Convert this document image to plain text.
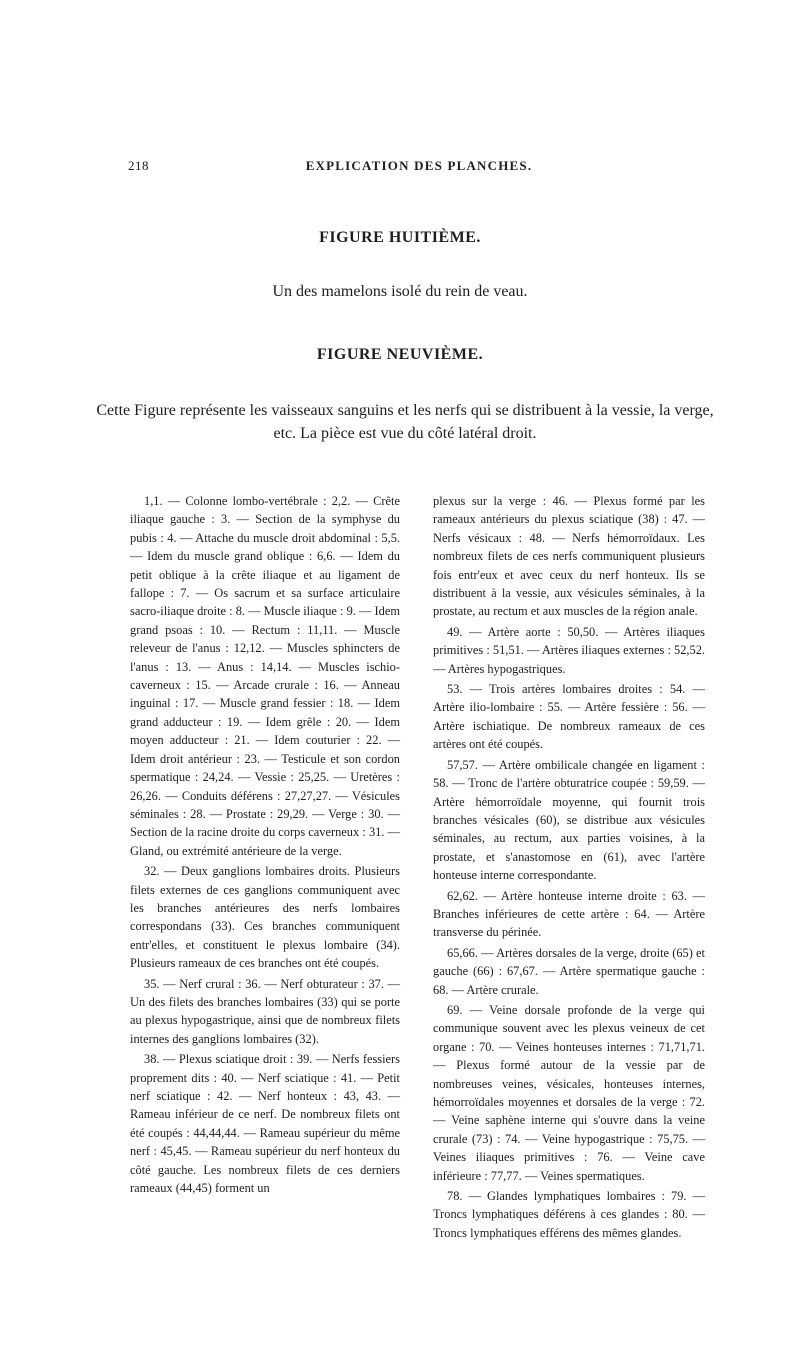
218	EXPLICATION DES PLANCHES.
FIGURE HUITIÈME.
Un des mamelons isolé du rein de veau.
FIGURE NEUVIÈME.
Cette Figure représente les vaisseaux sanguins et les nerfs qui se distribuent à la vessie, la verge, etc. La pièce est vue du côté latéral droit.

1,1. — Colonne lombo-vertébrale : 2,2. — Crête iliaque gauche : 3. — Section de la symphyse du pubis : 4. — Attache du muscle droit abdominal : 5,5. — Idem du muscle grand oblique : 6,6. — Idem du petit oblique à la crête iliaque et au ligament de fallope : 7. — Os sacrum et sa surface articulaire sacro-iliaque droite : 8. — Muscle iliaque : 9. — Idem grand psoas : 10. — Rectum : 11,11. — Muscle releveur de l'anus : 12,12. — Muscles sphincters de l'anus : 13. — Anus : 14,14. — Muscles ischio-caverneux : 15. — Arcade crurale : 16. — Anneau inguinal : 17. — Muscle grand fessier : 18. — Idem grand adducteur : 19. — Idem grêle : 20. — Idem moyen adducteur : 21. — Idem couturier : 22. — Idem droit antérieur : 23. — Testicule et son cordon spermatique : 24,24. — Vessie : 25,25. — Uretères : 26,26. — Conduits déférens : 27,27,27. — Vésicules séminales : 28. — Prostate : 29,29. — Verge : 30. — Section de la racine droite du corps caverneux : 31. — Gland, ou extrémité antérieure de la verge.

32. — Deux ganglions lombaires droits. Plusieurs filets externes de ces ganglions communiquent avec les branches antérieures des nerfs lombaires correspondans (33). Ces branches communiquent entr'elles, et constituent le plexus lombaire (34). Plusieurs rameaux de ces branches ont été coupés.

35. — Nerf crural : 36. — Nerf obturateur : 37. — Un des filets des branches lombaires (33) qui se porte au plexus hypogastrique, ainsi que de nombreux filets internes des ganglions lombaires (32).

38. — Plexus sciatique droit : 39. — Nerfs fessiers proprement dits : 40. — Nerf sciatique : 41. — Petit nerf sciatique : 42. — Nerf honteux : 43, 43. — Rameau inférieur de ce nerf. De nombreux filets ont été coupés : 44,44,44. — Rameau supérieur du même nerf : 45,45. — Rameau supérieur du nerf honteux du côté gauche. Les nombreux filets de ces derniers rameaux (44,45) forment un

plexus sur la verge : 46. — Plexus formé par les rameaux antérieurs du plexus sciatique (38) : 47. — Nerfs vésicaux : 48. — Nerfs hémorroïdaux. Les nombreux filets de ces nerfs communiquent plusieurs fois entr'eux et avec ceux du nerf honteux. Ils se distribuent à la vessie, aux vésicules séminales, à la prostate, au rectum et aux muscles de la région anale.

49. — Artère aorte : 50,50. — Artères iliaques primitives : 51,51. — Artères iliaques externes : 52,52. — Artères hypogastriques.

53. — Trois artères lombaires droites : 54. — Artère ilio-lombaire : 55. — Artère fessière : 56. — Artère ischiatique. De nombreux rameaux de ces artères ont été coupés.

57,57. — Artère ombilicale changée en ligament : 58. — Tronc de l'artère obturatrice coupée : 59,59. — Artère hémorroïdale moyenne, qui fournit trois branches vésicales (60), se distribue aux vésicules séminales, au rectum, aux parties voisines, à la prostate, et s'anastomose en (61), avec l'artère honteuse interne correspondante.

62,62. — Artère honteuse interne droite : 63. — Branches inférieures de cette artère : 64. — Artère transverse du périnée.

65,66. — Artères dorsales de la verge, droite (65) et gauche (66) : 67,67. — Artère spermatique gauche : 68. — Artère crurale.

69. — Veine dorsale profonde de la verge qui communique souvent avec les plexus veineux de cet organe : 70. — Veines honteuses internes : 71,71,71. — Plexus formé autour de la vessie par de nombreuses veines, vésicales, honteuses internes, hémorroïdales moyennes et dorsales de la verge : 72. — Veine saphène interne qui s'ouvre dans la veine crurale (73) : 74. — Veine hypogastrique : 75,75. — Veines iliaques primitives : 76. — Veine cave inférieure : 77,77. — Veines spermatiques.

78. — Glandes lymphatiques lombaires : 79. — Troncs lymphatiques déférens à ces glandes : 80. — Troncs lymphatiques efférens des mêmes glandes.
